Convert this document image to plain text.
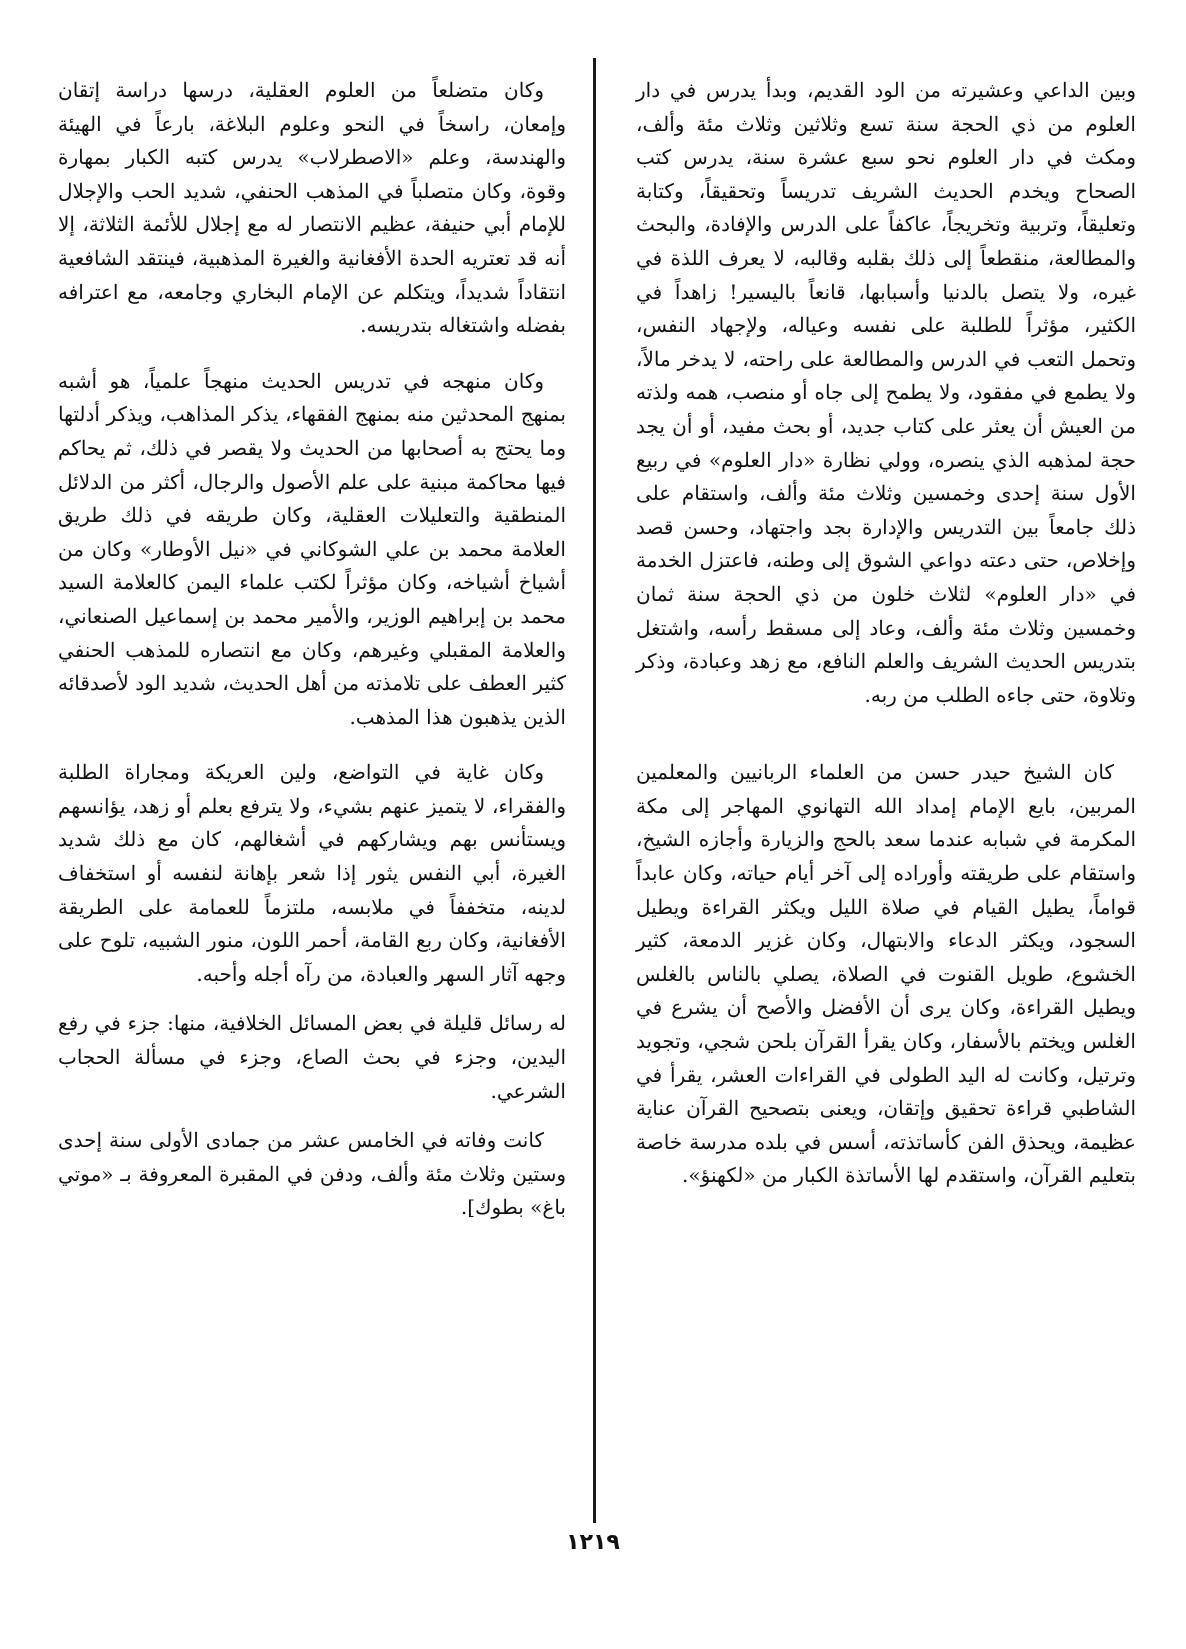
وبين الداعي وعشيرته من الود القديم، وبدأ يدرس في دار العلوم من ذي الحجة سنة تسع وثلاثين وثلاث مئة وألف، ومكث في دار العلوم نحو سبع عشرة سنة، يدرس كتب الصحاح ويخدم الحديث الشريف تدريساً وتحقيقاً، وكتابة وتعليقاً، وتربية وتخريجاً، عاكفاً على الدرس والإفادة، والبحث والمطالعة، منقطعاً إلى ذلك بقلبه وقالبه، لا يعرف اللذة في غيره، ولا يتصل بالدنيا وأسبابها، قانعاً باليسير! زاهداً في الكثير، مؤثراً للطلبة على نفسه وعياله، ولإجهاد النفس، وتحمل التعب في الدرس والمطالعة على راحته، لا يدخر مالاً، ولا يطمع في مفقود، ولا يطمح إلى جاه أو منصب، همه ولذته من العيش أن يعثر على كتاب جديد، أو بحث مفيد، أو أن يجد حجة لمذهبه الذي ينصره، وولي نظارة «دار العلوم» في ربيع الأول سنة إحدى وخمسين وثلاث مئة وألف، واستقام على ذلك جامعاً بين التدريس والإدارة بجد واجتهاد، وحسن قصد وإخلاص، حتى دعته دواعي الشوق إلى وطنه، فاعتزل الخدمة في «دار العلوم» لثلاث خلون من ذي الحجة سنة ثمان وخمسين وثلاث مئة وألف، وعاد إلى مسقط رأسه، واشتغل بتدريس الحديث الشريف والعلم النافع، مع زهد وعبادة، وذكر وتلاوة، حتى جاءه الطلب من ربه.

كان الشيخ حيدر حسن من العلماء الربانيين والمعلمين المربين، بايع الإمام إمداد الله التهانوي المهاجر إلى مكة المكرمة في شبابه عندما سعد بالحج والزيارة وأجازه الشيخ، واستقام على طريقته وأوراده إلى آخر أيام حياته، وكان عابداً قواماً، يطيل القيام في صلاة الليل ويكثر القراءة ويطيل السجود، ويكثر الدعاء والابتهال، وكان غزير الدمعة، كثير الخشوع، طويل القنوت في الصلاة، يصلي بالناس بالغلس ويطيل القراءة، وكان يرى أن الأفضل والأصح أن يشرع في الغلس ويختم بالأسفار، وكان يقرأ القرآن بلحن شجي، وتجويد وترتيل، وكانت له اليد الطولى في القراءات العشر، يقرأ في الشاطبي قراءة تحقيق وإتقان، ويعنى بتصحيح القرآن عناية عظيمة، ويحذق الفن كأساتذته، أسس في بلده مدرسة خاصة بتعليم القرآن، واستقدم لها الأساتذة الكبار من «لكهنؤ».

وكان متضلعاً من العلوم العقلية، درسها دراسة إتقان وإمعان، راسخاً في النحو وعلوم البلاغة، بارعاً في الهيئة والهندسة، وعلم «الاصطرلاب» يدرس كتبه الكبار بمهارة وقوة، وكان متصلباً في المذهب الحنفي، شديد الحب والإجلال للإمام أبي حنيفة، عظيم الانتصار له مع إجلال للأئمة الثلاثة، إلا أنه قد تعتريه الحدة الأفغانية والغيرة المذهبية، فينتقد الشافعية انتقاداً شديداً، ويتكلم عن الإمام البخاري وجامعه، مع اعترافه بفضله واشتغاله بتدريسه.

وكان منهجه في تدريس الحديث منهجاً علمياً، هو أشبه بمنهج المحدثين منه بمنهج الفقهاء، يذكر المذاهب، ويذكر أدلتها وما يحتج به أصحابها من الحديث ولا يقصر في ذلك، ثم يحاكم فيها محاكمة مبنية على علم الأصول والرجال، أكثر من الدلائل المنطقية والتعليلات العقلية، وكان طريقه في ذلك طريق العلامة محمد بن علي الشوكاني في «نيل الأوطار» وكان من أشياخ أشياخه، وكان مؤثراً لكتب علماء اليمن كالعلامة السيد محمد بن إبراهيم الوزير، والأمير محمد بن إسماعيل الصنعاني، والعلامة المقبلي وغيرهم، وكان مع انتصاره للمذهب الحنفي كثير العطف على تلامذته من أهل الحديث، شديد الود لأصدقائه الذين يذهبون هذا المذهب.

وكان غاية في التواضع، ولين العريكة ومجاراة الطلبة والفقراء، لا يتميز عنهم بشيء، ولا يترفع بعلم أو زهد، يؤانسهم ويستأنس بهم ويشاركهم في أشغالهم، كان مع ذلك شديد الغيرة، أبي النفس يثور إذا شعر بإهانة لنفسه أو استخفاف لدينه، متخففاً في ملابسه، ملتزماً للعمامة على الطريقة الأفغانية، وكان ربع القامة، أحمر اللون، منور الشبيه، تلوح على وجهه آثار السهر والعبادة، من رآه أجله وأحبه.

له رسائل قليلة في بعض المسائل الخلافية، منها: جزء في رفع اليدين، وجزء في بحث الصاع، وجزء في مسألة الحجاب الشرعي.

كانت وفاته في الخامس عشر من جمادى الأولى سنة إحدى وستين وثلاث مئة وألف، ودفن في المقبرة المعروفة بـ «موتي باغ» بطوك].

١٢١٩
